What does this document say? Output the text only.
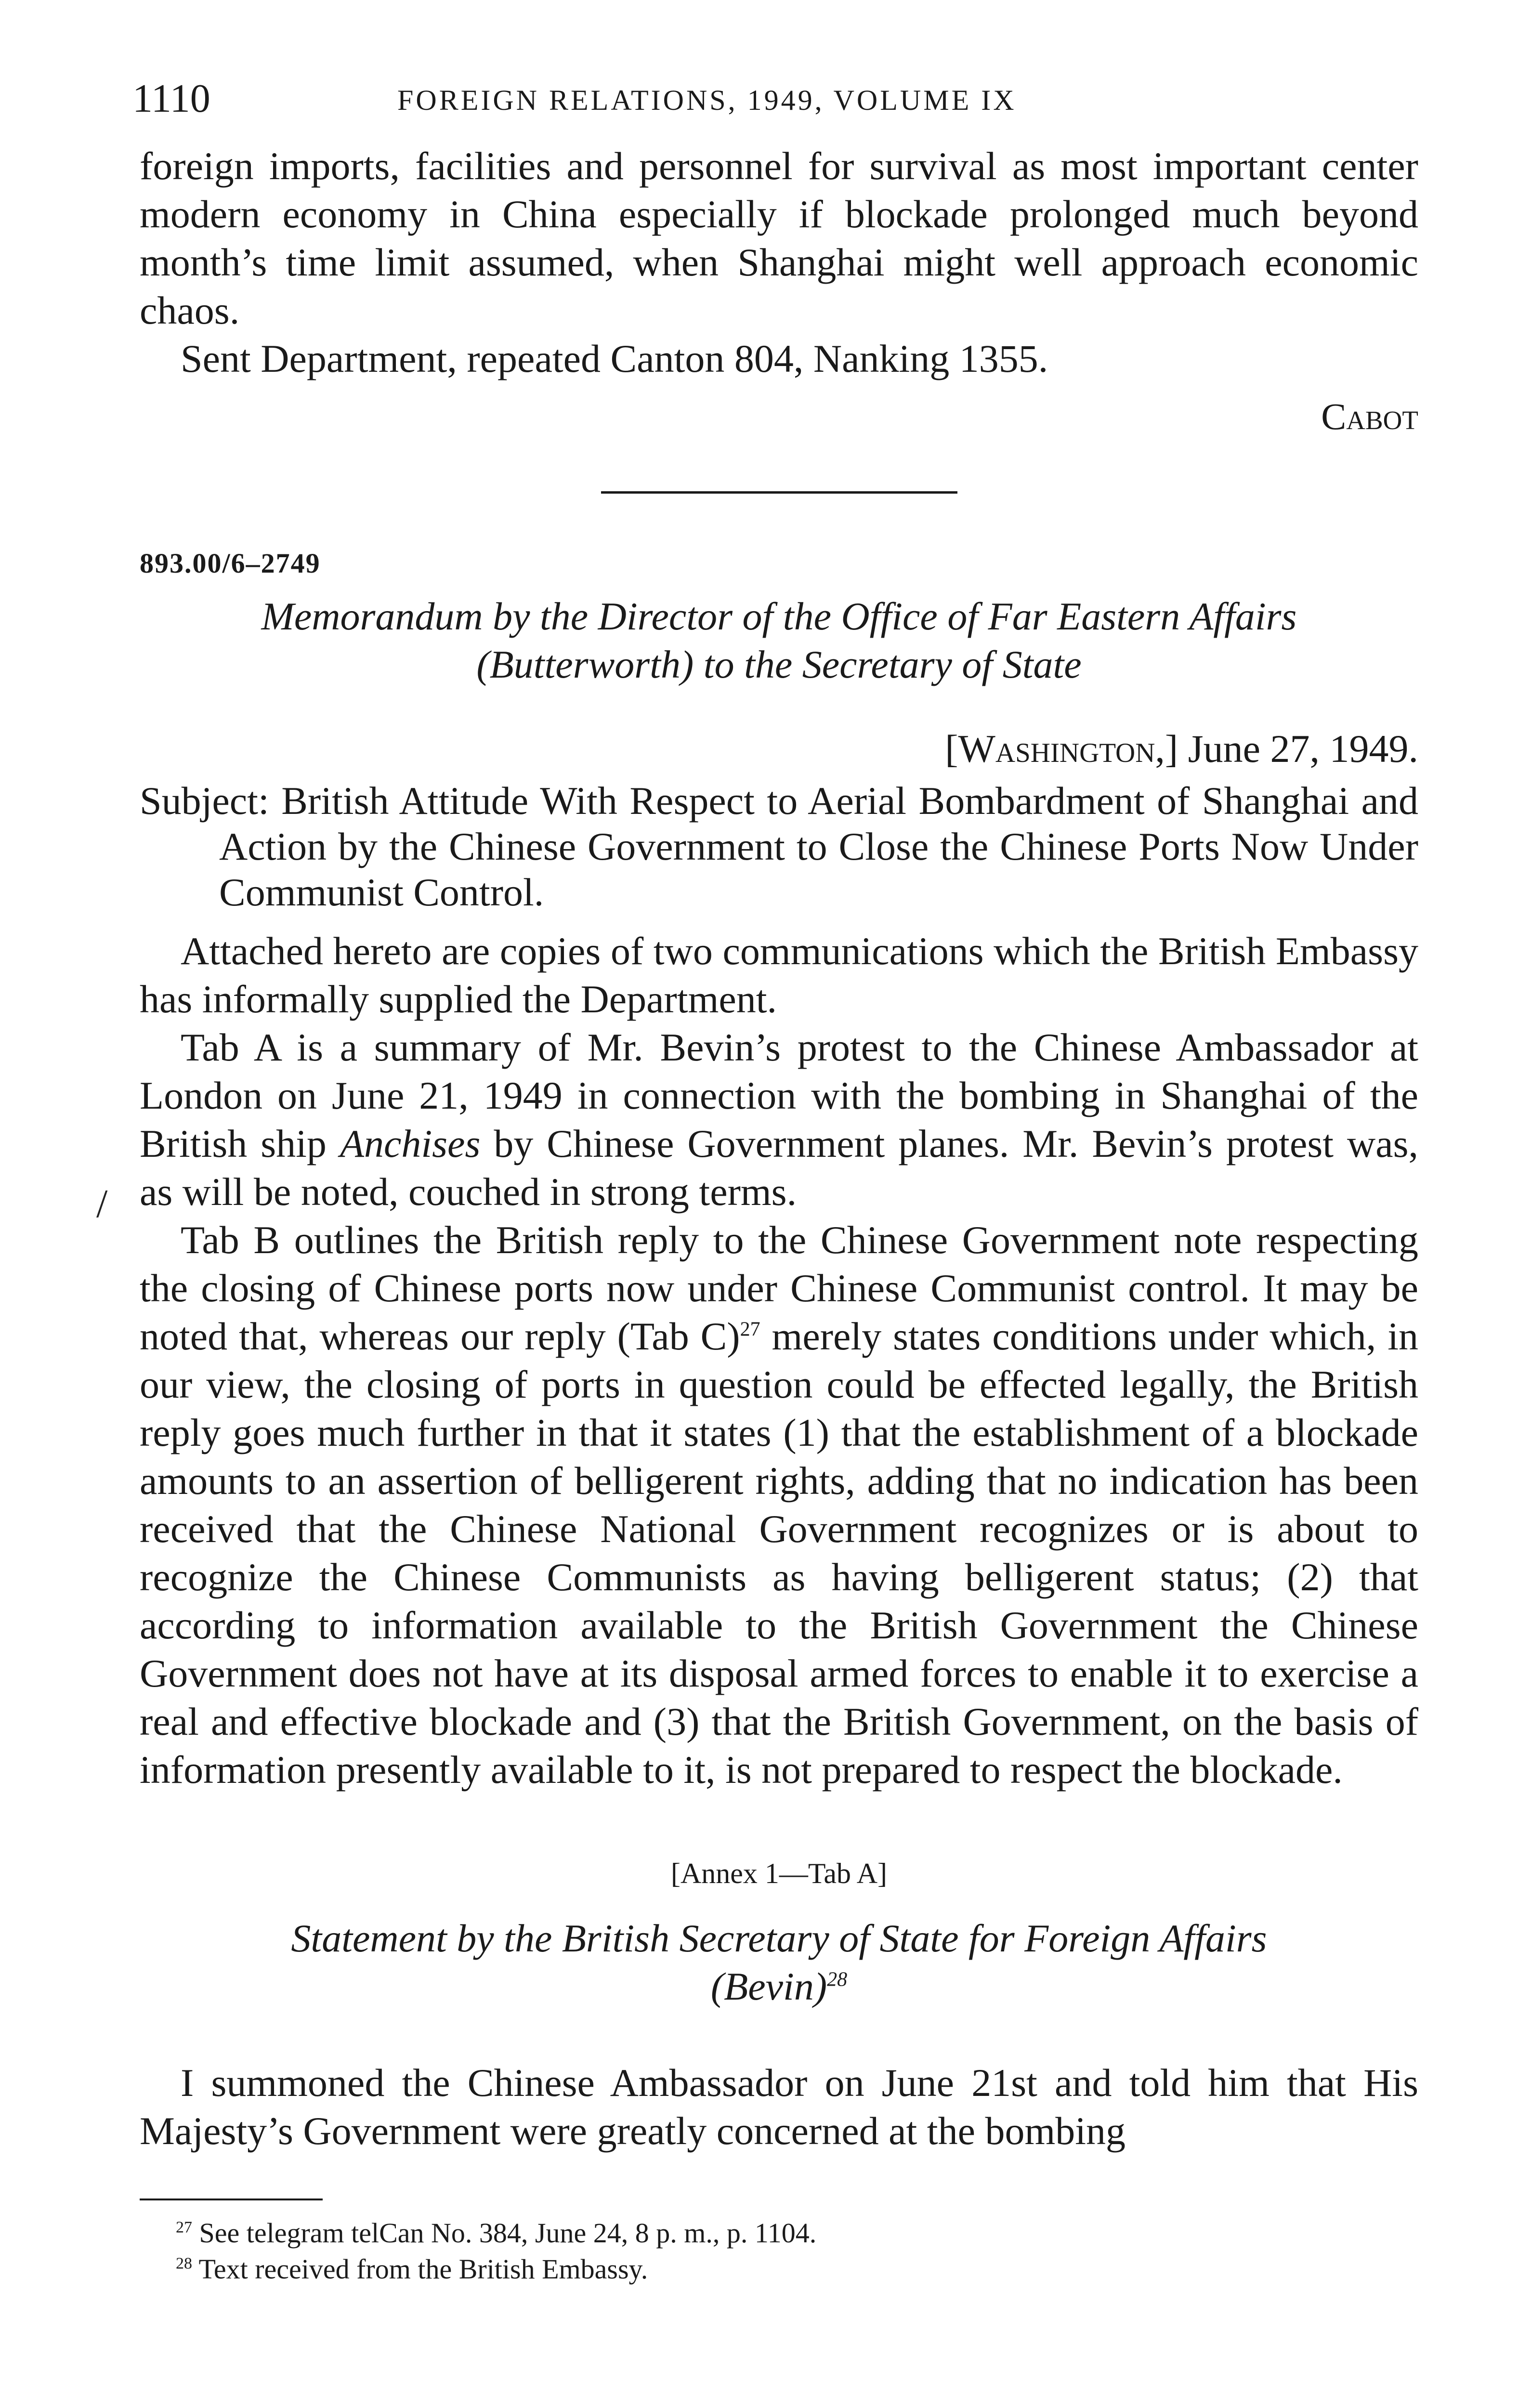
1110	FOREIGN RELATIONS, 1949, VOLUME IX
/

foreign imports, facilities and personnel for survival as most important center modern economy in China especially if blockade prolonged much beyond month’s time limit assumed, when Shanghai might well approach economic chaos.

Sent Department, repeated Canton 804, Nanking 1355.

Cabot

893.00/6–2749

Memorandum by the Director of the Office of Far Eastern Affairs
(Butterworth) to the Secretary of State
[Washington,] June 27, 1949.

Subject: British Attitude With Respect to Aerial Bombardment of Shanghai and Action by the Chinese Government to Close the Chinese Ports Now Under Communist Control.

Attached hereto are copies of two communications which the British Embassy has informally supplied the Department.

Tab A is a summary of Mr. Bevin’s protest to the Chinese Ambassador at London on June 21, 1949 in connection with the bombing in Shanghai of the British ship Anchises by Chinese Government planes. Mr. Bevin’s protest was, as will be noted, couched in strong terms.

Tab B outlines the British reply to the Chinese Government note respecting the closing of Chinese ports now under Chinese Communist control. It may be noted that, whereas our reply (Tab C)$^{27}$ merely states conditions under which, in our view, the closing of ports in question could be effected legally, the British reply goes much further in that it states (1) that the establishment of a blockade amounts to an assertion of belligerent rights, adding that no indication has been received that the Chinese National Government recognizes or is about to recognize the Chinese Communists as having belligerent status; (2) that according to information available to the British Government the Chinese Government does not have at its disposal armed forces to enable it to exercise a real and effective blockade and (3) that the British Government, on the basis of information presently available to it, is not prepared to respect the blockade.

[Annex 1—Tab A]
Statement by the British Secretary of State for Foreign Affairs
(Bevin)$^{28}$

I summoned the Chinese Ambassador on June 21st and told him that His Majesty’s Government were greatly concerned at the bombing

$^{27}$ See telegram telCan No. 384, June 24, 8 p. m., p. 1104.

$^{28}$ Text received from the British Embassy.
